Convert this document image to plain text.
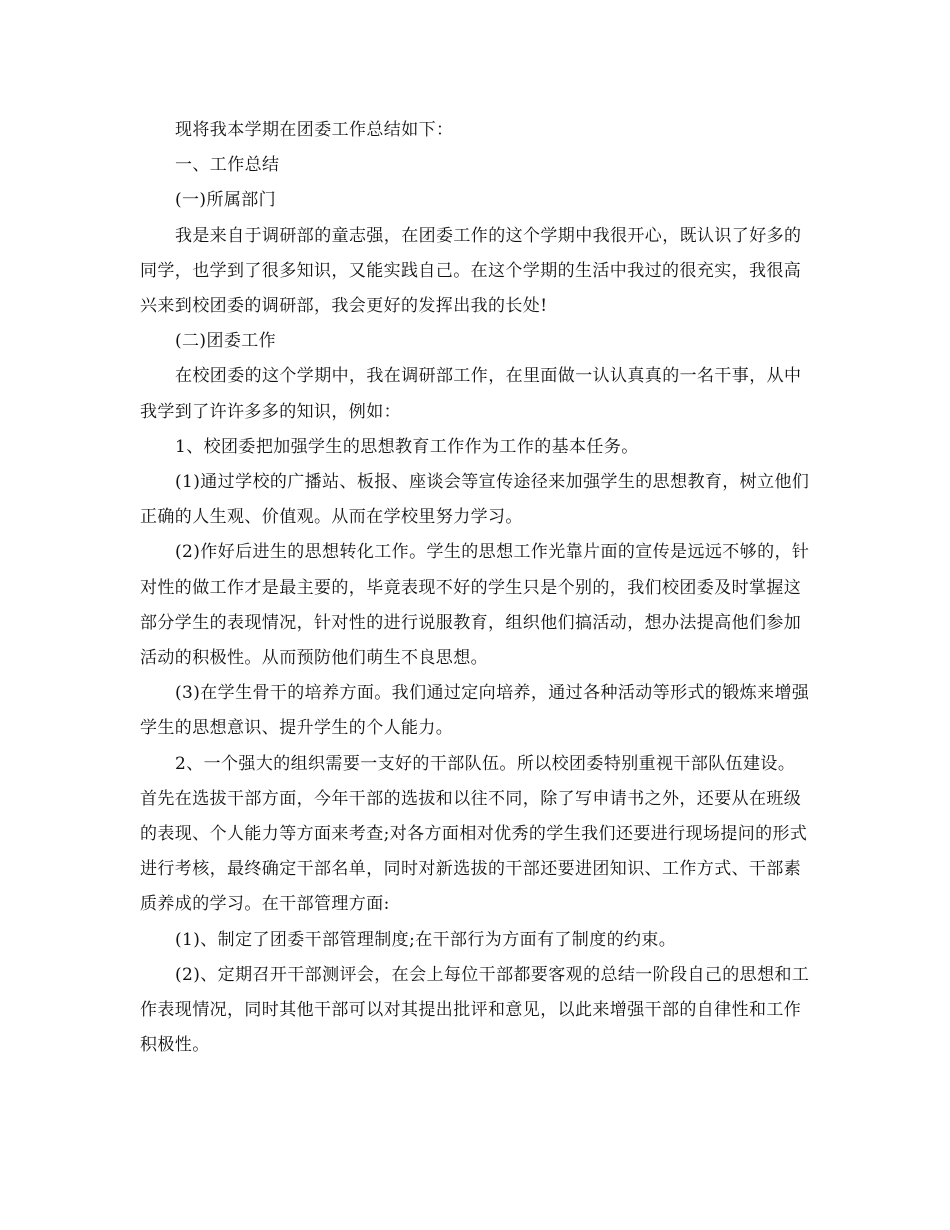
现将我本学期在团委工作总结如下：

一、工作总结

(一)所属部门

我是来自于调研部的童志强，在团委工作的这个学期中我很开心，既认识了好多的同学，也学到了很多知识，又能实践自己。在这个学期的生活中我过的很充实，我很高兴来到校团委的调研部，我会更好的发挥出我的长处!

(二)团委工作

在校团委的这个学期中，我在调研部工作，在里面做一认认真真的一名干事，从中我学到了许许多多的知识，例如：

1、校团委把加强学生的思想教育工作作为工作的基本任务。

(1)通过学校的广播站、板报、座谈会等宣传途径来加强学生的思想教育，树立他们正确的人生观、价值观。从而在学校里努力学习。

(2)作好后进生的思想转化工作。学生的思想工作光靠片面的宣传是远远不够的，针对性的做工作才是最主要的，毕竟表现不好的学生只是个别的，我们校团委及时掌握这部分学生的表现情况，针对性的进行说服教育，组织他们搞活动，想办法提高他们参加活动的积极性。从而预防他们萌生不良思想。

(3)在学生骨干的培养方面。我们通过定向培养，通过各种活动等形式的锻炼来增强学生的思想意识、提升学生的个人能力。

2、一个强大的组织需要一支好的干部队伍。所以校团委特别重视干部队伍建设。首先在选拔干部方面，今年干部的选拔和以往不同，除了写申请书之外，还要从在班级的表现、个人能力等方面来考查;对各方面相对优秀的学生我们还要进行现场提问的形式进行考核，最终确定干部名单，同时对新选拔的干部还要进团知识、工作方式、干部素质养成的学习。在干部管理方面:

(1)、制定了团委干部管理制度;在干部行为方面有了制度的约束。

(2)、定期召开干部测评会，在会上每位干部都要客观的总结一阶段自己的思想和工作表现情况，同时其他干部可以对其提出批评和意见，以此来增强干部的自律性和工作积极性。
